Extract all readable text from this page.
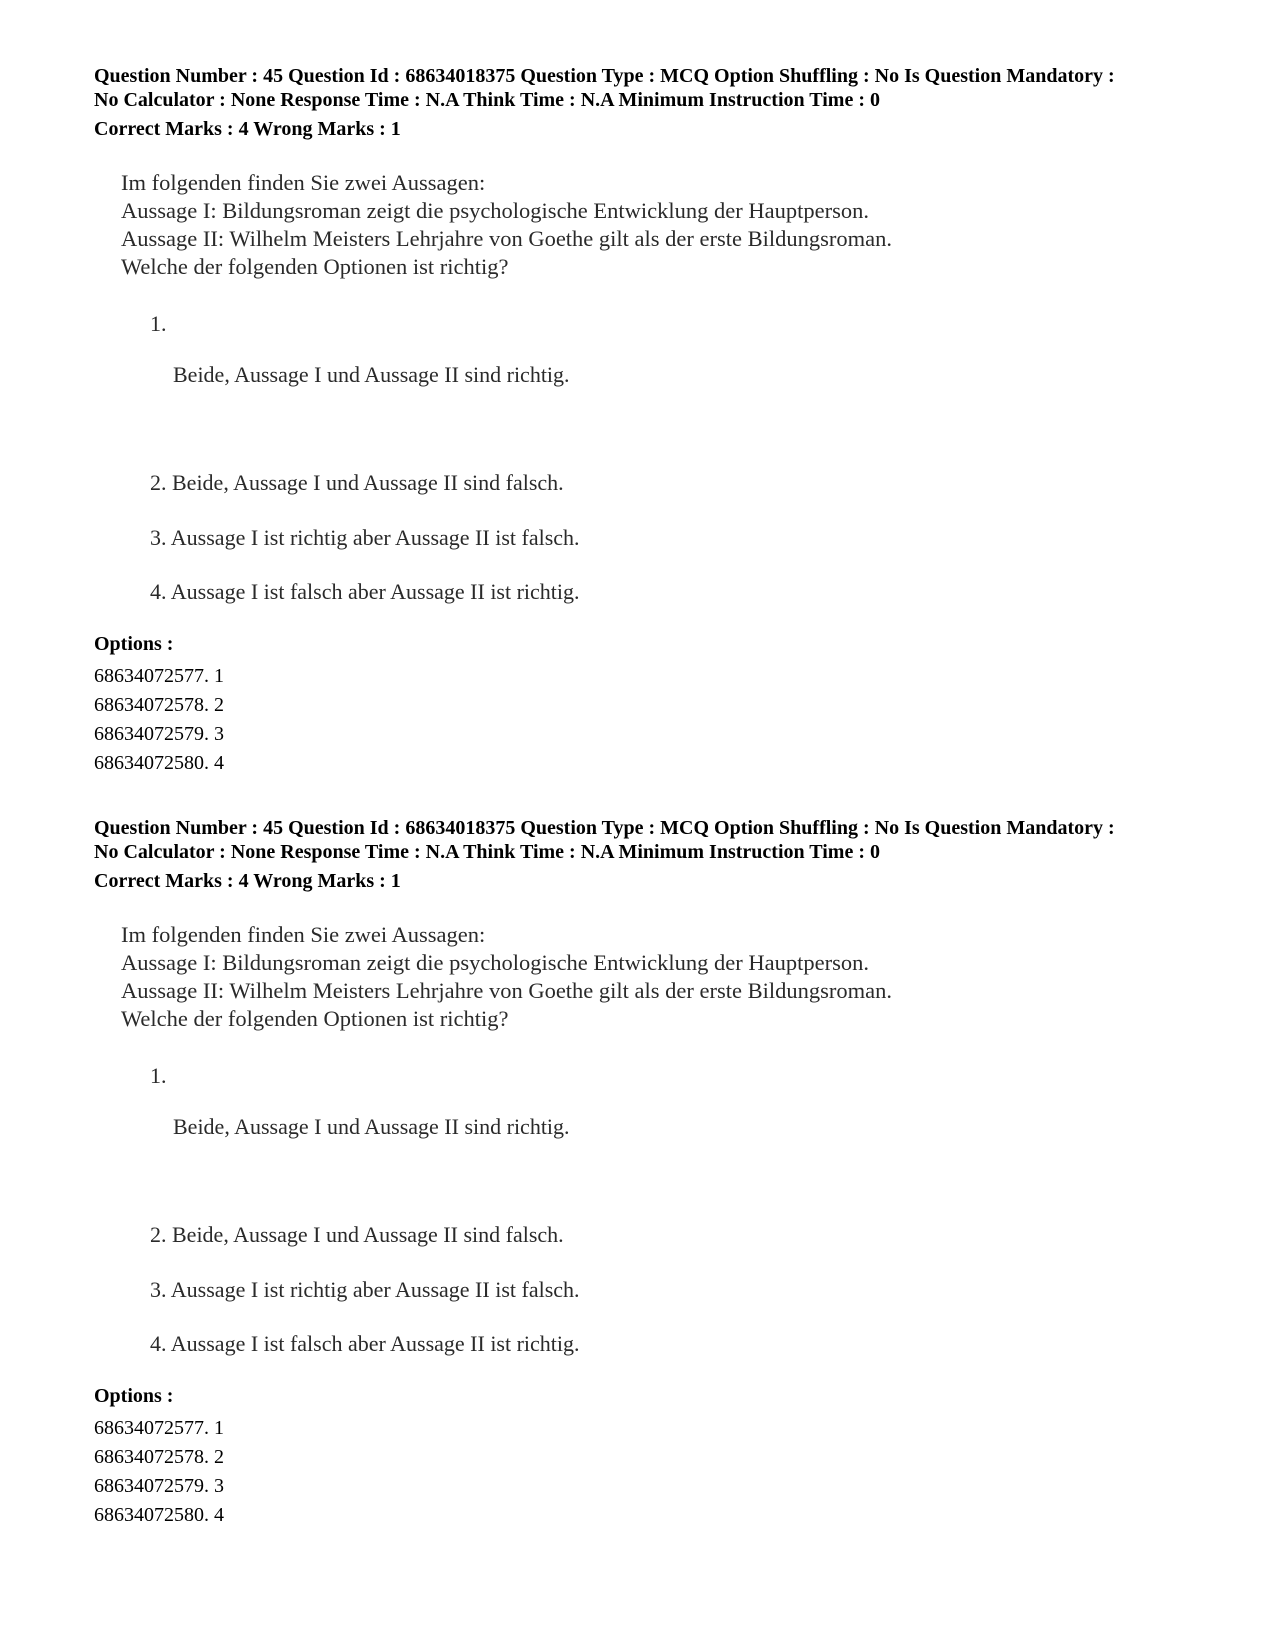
Question Number : 45 Question Id : 68634018375 Question Type : MCQ Option Shuffling : No Is Question Mandatory :
No Calculator : None Response Time : N.A Think Time : N.A Minimum Instruction Time : 0
Correct Marks : 4 Wrong Marks : 1
Im folgenden finden Sie zwei Aussagen:
Aussage I: Bildungsroman zeigt die psychologische Entwicklung der Hauptperson.
Aussage II: Wilhelm Meisters Lehrjahre von Goethe gilt als der erste Bildungsroman.
Welche der folgenden Optionen ist richtig?
1.
Beide, Aussage I und Aussage II sind richtig.
2. Beide, Aussage I und Aussage II sind falsch.
3. Aussage I ist richtig aber Aussage II ist falsch.
4. Aussage I ist falsch aber Aussage II ist richtig.
Options :
68634072577. 1
68634072578. 2
68634072579. 3
68634072580. 4
Question Number : 45 Question Id : 68634018375 Question Type : MCQ Option Shuffling : No Is Question Mandatory :
No Calculator : None Response Time : N.A Think Time : N.A Minimum Instruction Time : 0
Correct Marks : 4 Wrong Marks : 1
Im folgenden finden Sie zwei Aussagen:
Aussage I: Bildungsroman zeigt die psychologische Entwicklung der Hauptperson.
Aussage II: Wilhelm Meisters Lehrjahre von Goethe gilt als der erste Bildungsroman.
Welche der folgenden Optionen ist richtig?
1.
Beide, Aussage I und Aussage II sind richtig.
2. Beide, Aussage I und Aussage II sind falsch.
3. Aussage I ist richtig aber Aussage II ist falsch.
4. Aussage I ist falsch aber Aussage II ist richtig.
Options :
68634072577. 1
68634072578. 2
68634072579. 3
68634072580. 4
